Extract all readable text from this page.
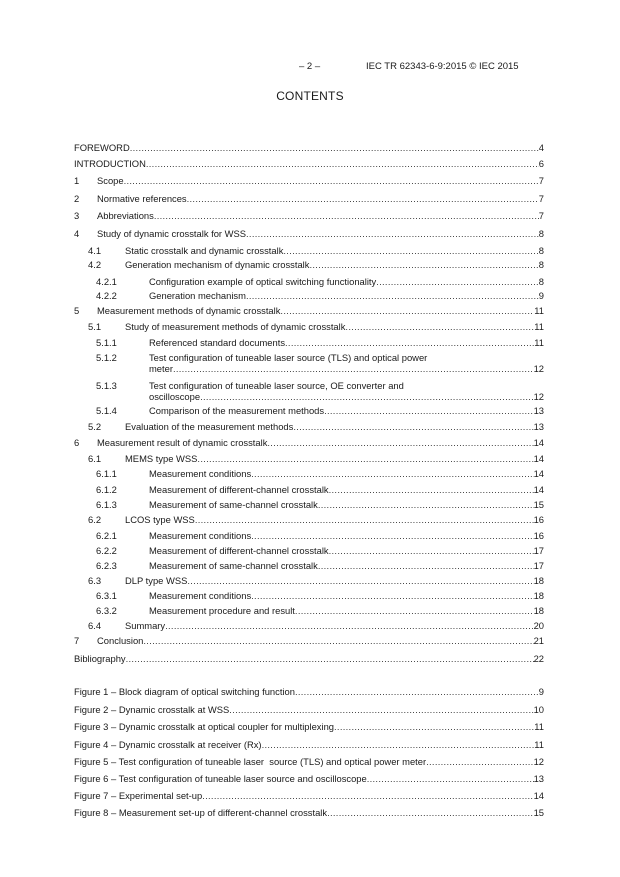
– 2 –	IEC TR 62343-6-9:2015 © IEC 2015
CONTENTS
FOREWORD .....	4
INTRODUCTION .....	6
1 Scope .....	7
2 Normative references .....	7
3 Abbreviations .....	7
4 Study of dynamic crosstalk for WSS .....	8
4.1	Static crosstalk and dynamic crosstalk .....	8
4.2	Generation mechanism of dynamic crosstalk .....	8
4.2.1	Configuration example of optical switching functionality .....	8
4.2.2	Generation mechanism .....	9
5 Measurement methods of dynamic crosstalk .....	11
5.1	Study of measurement methods of dynamic crosstalk .....	11
5.1.1	Referenced standard documents .....	11
5.1.2	Test configuration of tuneable laser source (TLS) and optical power
meter .....	12
5.1.3	Test configuration of tuneable laser source, OE converter and
oscilloscope .....	12
5.1.4	Comparison of the measurement methods .....	13
5.2	Evaluation of the measurement methods .....	13
6 Measurement result of dynamic crosstalk .....	14
6.1	MEMS type WSS .....	14
6.1.1	Measurement conditions .....	14
6.1.2	Measurement of different-channel crosstalk .....	14
6.1.3	Measurement of same-channel crosstalk .....	15
6.2	LCOS type WSS .....	16
6.2.1	Measurement conditions .....	16
6.2.2	Measurement of different-channel crosstalk .....	17
6.2.3	Measurement of same-channel crosstalk .....	17
6.3	DLP type WSS .....	18
6.3.1	Measurement conditions .....	18
6.3.2	Measurement procedure and result .....	18
6.4	Summary .....	20
7 Conclusion .....	21
Bibliography .....	22
Figure 1 – Block diagram of optical switching function .....	9
Figure 2 – Dynamic crosstalk at WSS .....	10
Figure 3 – Dynamic crosstalk at optical coupler for multiplexing .....	11
Figure 4 – Dynamic crosstalk at receiver (Rx) .....	11
Figure 5 – Test configuration of tuneable laser  source (TLS) and optical power meter .....	12
Figure 6 – Test configuration of tuneable laser source and oscilloscope .....	13
Figure 7 – Experimental set-up .....	14
Figure 8 – Measurement set-up of different-channel crosstalk .....	15
